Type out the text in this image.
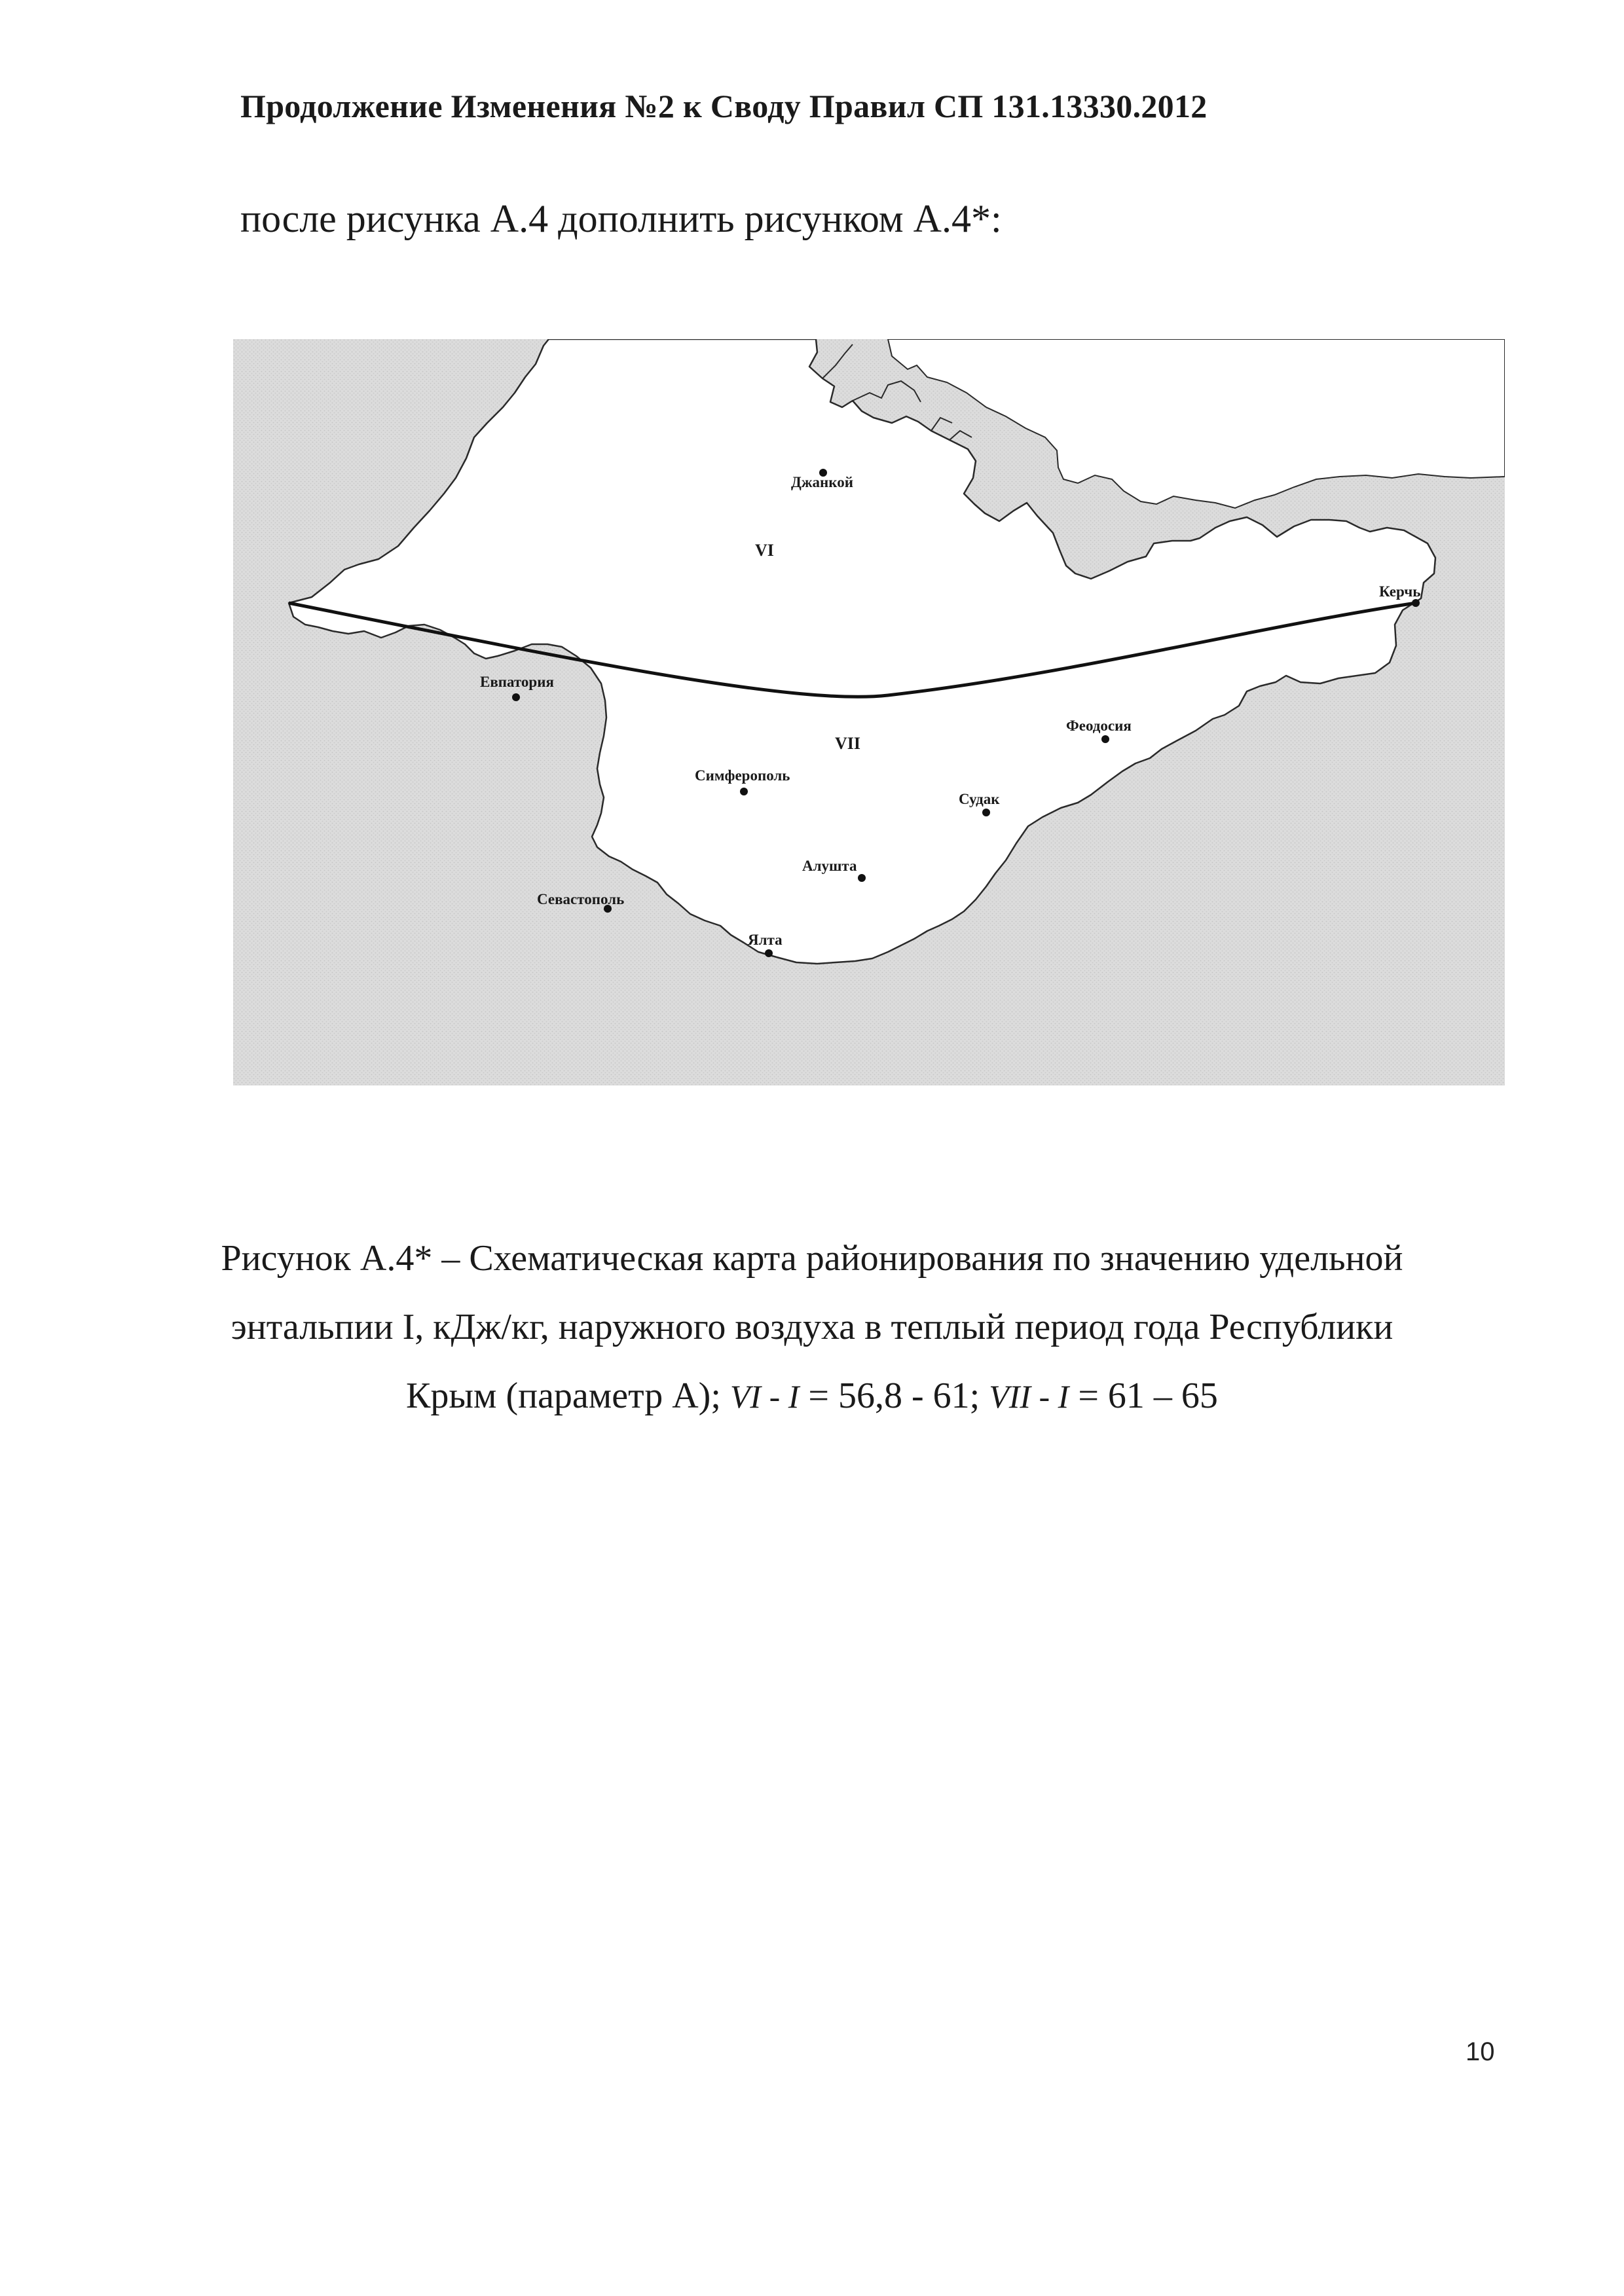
Продолжение Изменения №2 к Своду Правил СП 131.13330.2012
после рисунка А.4 дополнить рисунком А.4*:
VI
VII
Джанкой
Керчь
Евпатория
Симферополь
Феодосия
Судак
Алушта
Севастополь
Ялта
Рисунок А.4* – Схематическая карта районирования по значению удельной
энтальпии I, кДж/кг, наружного воздуха в теплый период года Республики
Крым (параметр А); VI - I = 56,8 - 61; VII - I = 61 – 65
10
